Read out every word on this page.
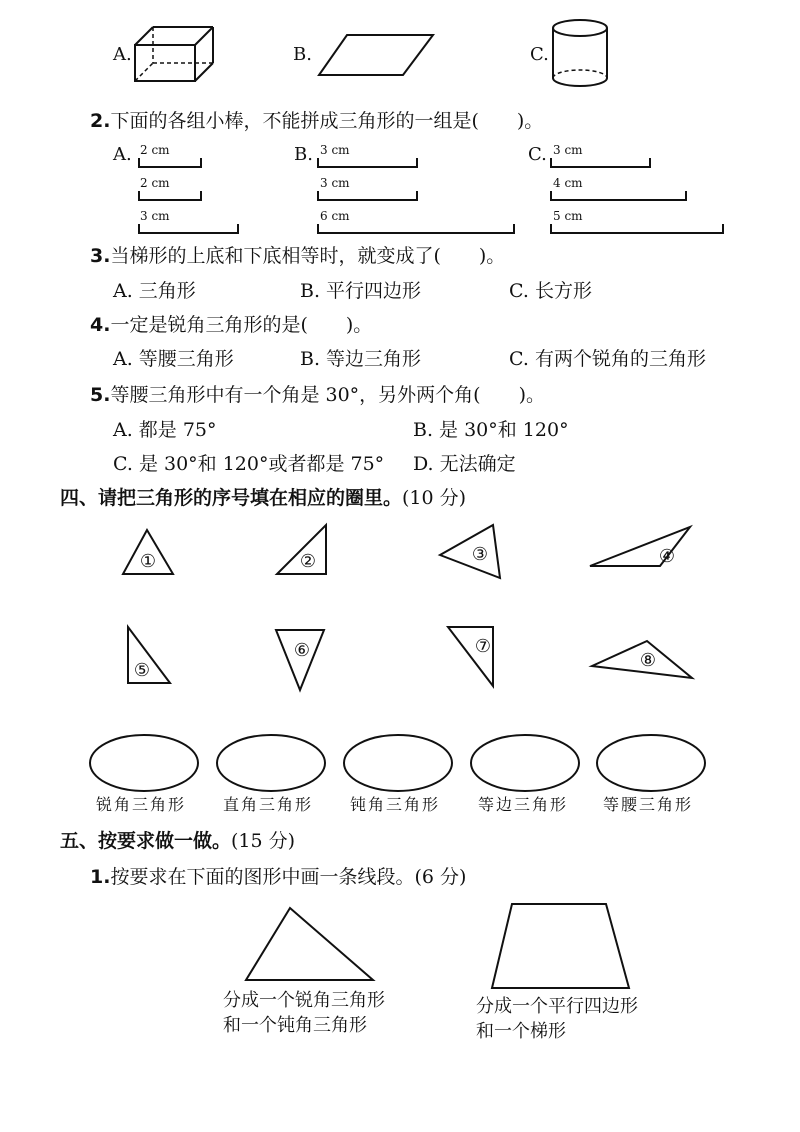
A.	B.	C.
2.下面的各组小棒，不能拼成三角形的一组是(　　)。
A. 2 cm
2 cm
3 cm
B. 3 cm
3 cm
6 cm
C. 3 cm
4 cm
5 cm
3.当梯形的上底和下底相等时，就变成了(　　)。
A. 三角形	B. 平行四边形	C. 长方形
4.一定是锐角三角形的是(　　)。
A. 等腰三角形	B. 等边三角形	C. 有两个锐角的三角形
5.等腰三角形中有一个角是 30°，另外两个角(　　)。
A. 都是 75°	B. 是 30°和 120°
C. 是 30°和 120°或者都是 75° D. 无法确定
四、请把三角形的序号填在相应的圈里。(10 分)
①	②	③	④
⑤
⑥	⑦
⑧
锐角三角形 直角三角形 钝角三角形 等边三角形 等腰三角形
五、按要求做一做。(15 分)
1.按要求在下面的图形中画一条线段。(6 分)
分成一个锐角三角形
和一个钝角三角形
分成一个平行四边形
和一个梯形
